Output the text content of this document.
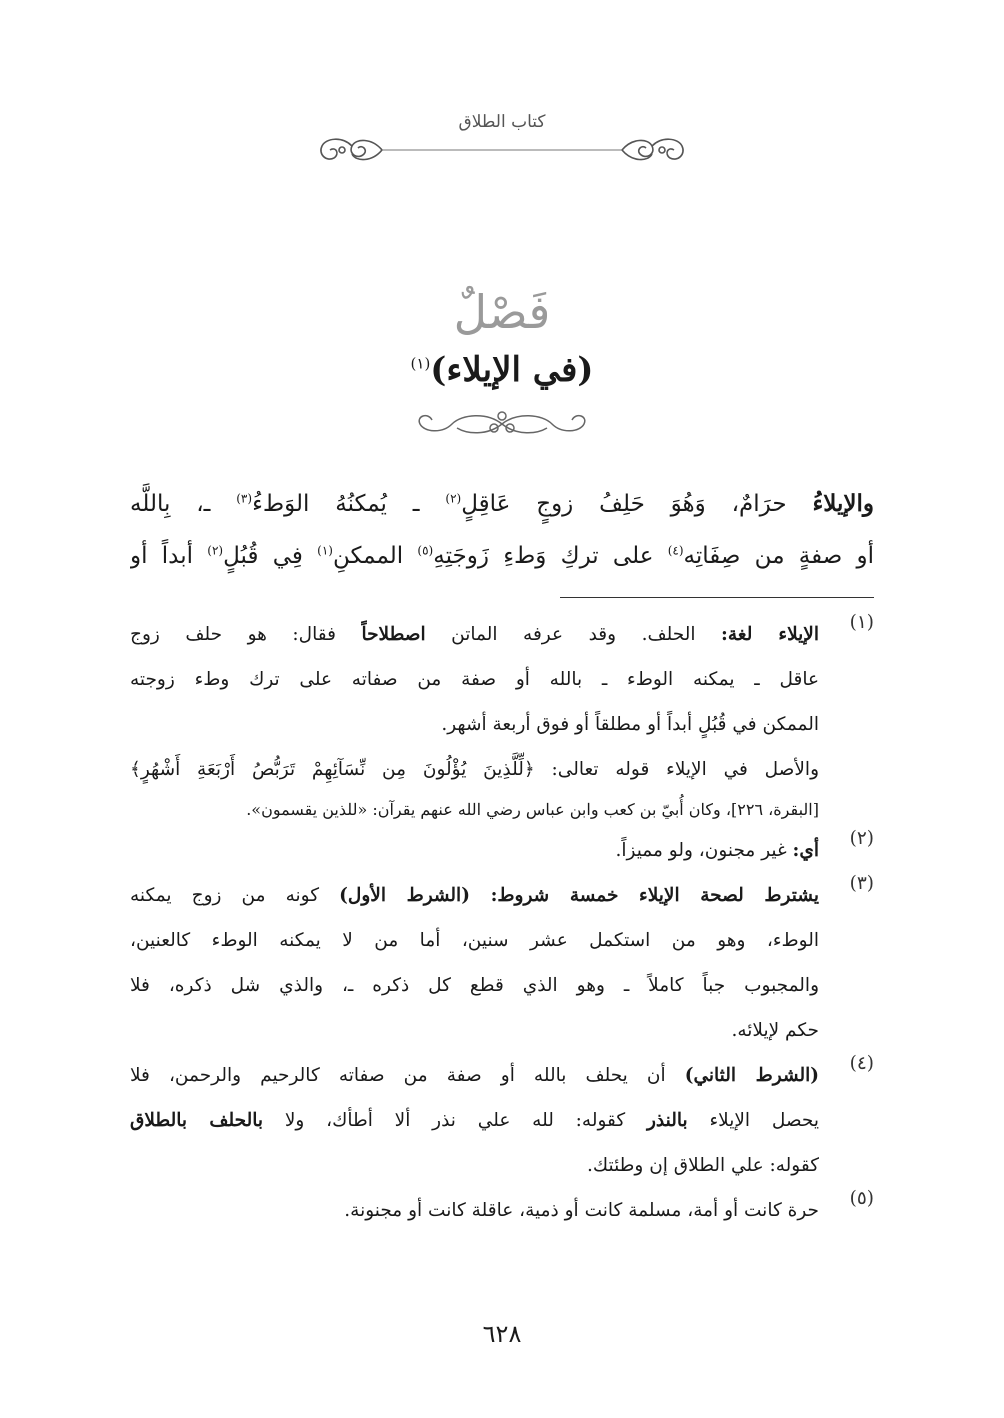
كتاب الطلاق
فَصْلٌ
(في الإيلاء)$^{(١)}$
والإيلاءُ حرَامٌ، وَهُوَ حَلِفُ زوجٍ عَاقِلٍ$^{(٢)}$ ـ يُمكنُهُ الوَطءُ$^{(٣)}$ ـ، بِاللَّه
أو صفةٍ من صِفَاتِه$^{(٤)}$ على تركِ وَطءِ زَوجَتِهِ$^{(٥)}$ الممكنِ$^{(١)}$ فِي قُبُلٍ$^{(٢)}$ أبداً أو
(١)
الإيلاء لغة: الحلف. وقد عرفه الماتن اصطلاحاً فقال: هو حلف زوج
عاقل ـ يمكنه الوطء ـ بالله أو صفة من صفاته على ترك وطء زوجته
الممكن في قُبُلٍ أبداً أو مطلقاً أو فوق أربعة أشهر.
والأصل في الإيلاء قوله تعالى: ﴿لِّلَّذِينَ يُؤْلُونَ مِن نِّسَآئِهِمْ تَرَبُّصُ أَرْبَعَةِ أَشْهُرٍ﴾
[البقرة، ٢٢٦]، وكان أُبيّ بن كعب وابن عباس رضي الله عنهم يقرآن: «للذين يقسمون».
(٢)
أي: غير مجنون، ولو مميزاً.
(٣)
يشترط لصحة الإيلاء خمسة شروط: (الشرط الأول) كونه من زوج يمكنه
الوطء، وهو من استكمل عشر سنين، أما من لا يمكنه الوطء كالعنين،
والمجبوب جباً كاملاً ـ وهو الذي قطع كل ذكره ـ، والذي شل ذكره، فلا
حكم لإيلائه.
(٤)
(الشرط الثاني) أن يحلف بالله أو صفة من صفاته كالرحيم والرحمن، فلا
يحصل الإيلاء بالنذر كقوله: لله علي نذر ألا أطأك، ولا بالحلف بالطلاق
كقوله: علي الطلاق إن وطئتك.
(٥)
حرة كانت أو أمة، مسلمة كانت أو ذمية، عاقلة كانت أو مجنونة.
٦٢٨
